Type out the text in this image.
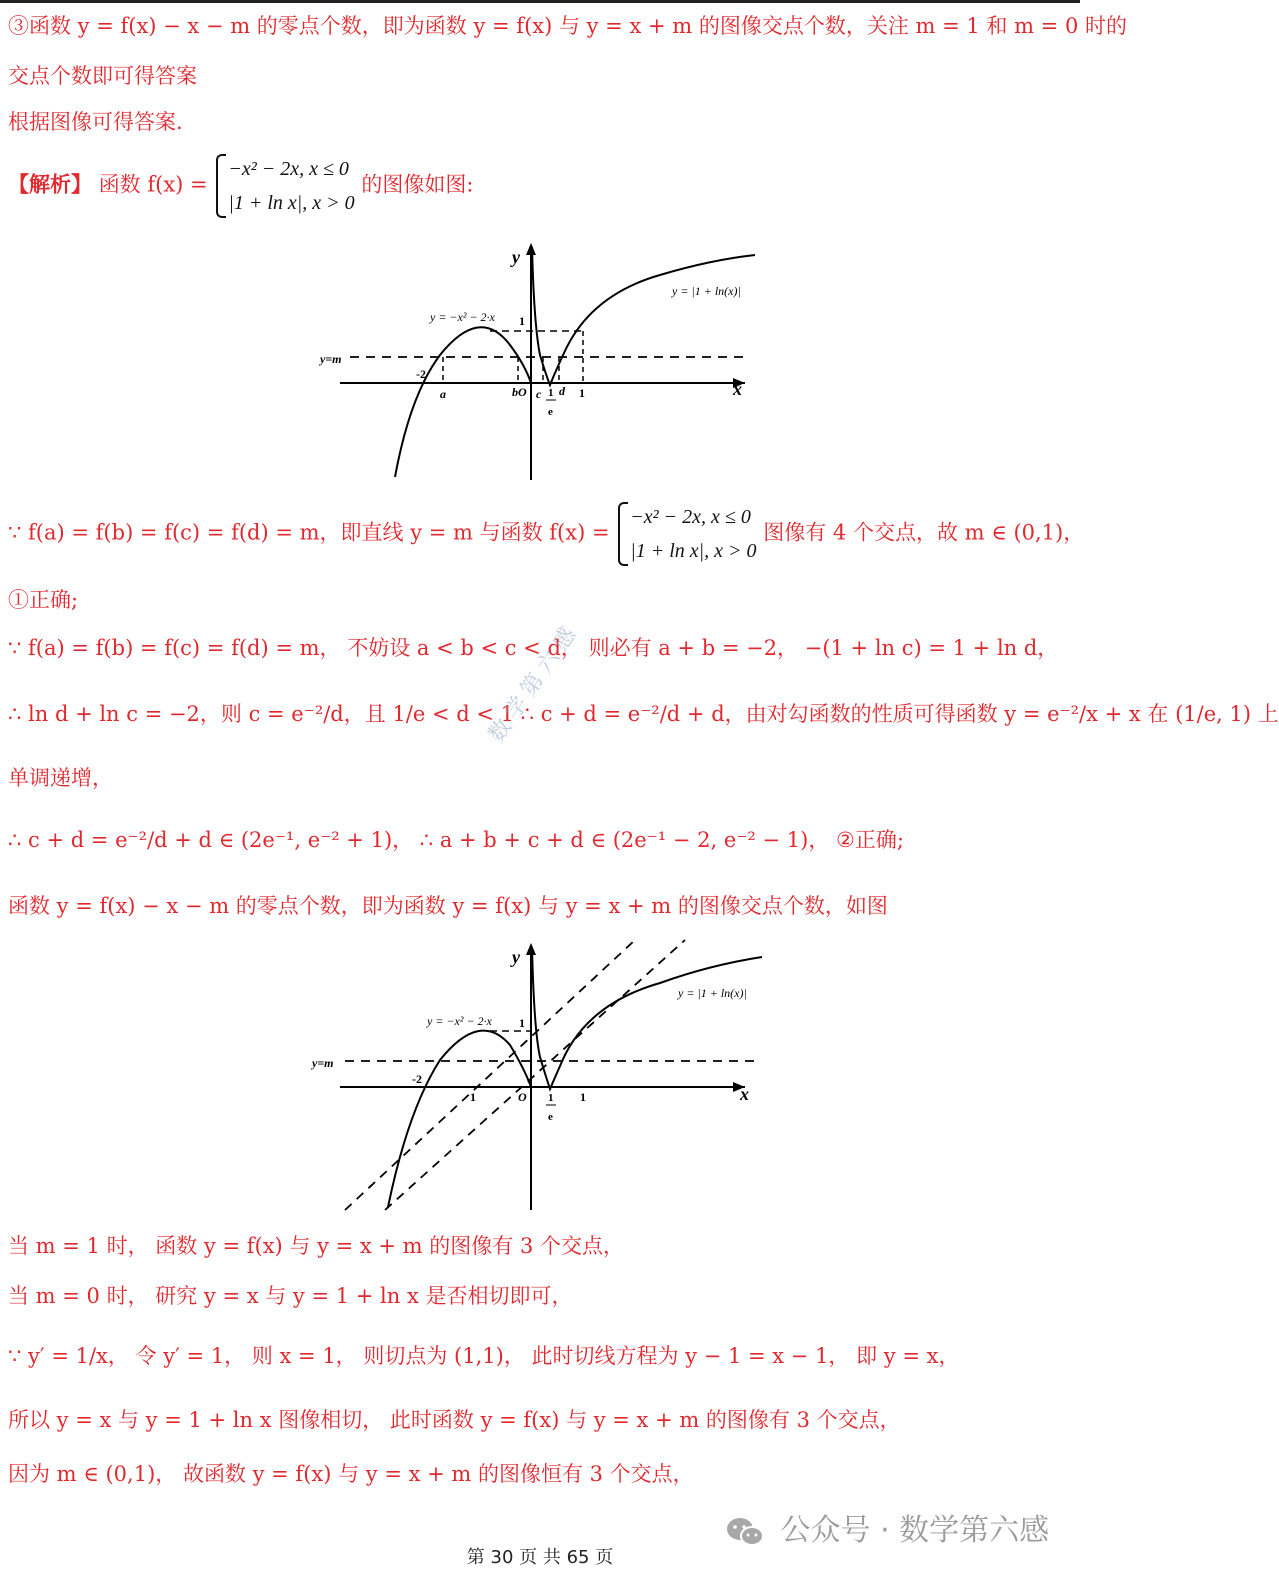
③函数 y = f(x) − x − m 的零点个数，即为函数 y = f(x) 与 y = x + m 的图像交点个数，关注 m = 1 和 m = 0 时的
交点个数即可得答案
根据图像可得答案.
【解析】 函数 f(x) =
−x² − 2x, x ≤ 0
|1 + ln x|, x > 0
的图像如图:
y
x
y = −x² − 2·x
y = |1 + ln(x)|
y=m
1
-2
a	bO c 1
e
d 1
∵ f(a) = f(b) = f(c) = f(d) = m，即直线 y = m 与函数 f(x) =
−x² − 2x, x ≤ 0
|1 + ln x|, x > 0
图像有 4 个交点，故 m ∈ (0,1)，
①正确;
∵ f(a) = f(b) = f(c) = f(d) = m， 不妨设 a < b < c < d， 则必有 a + b = −2， −(1 + ln c) = 1 + ln d，
∴ ln d + ln c = −2，则 c = e⁻²/d，且 1/e < d < 1 ∴ c + d = e⁻²/d + d，由对勾函数的性质可得函数 y = e⁻²/x + x 在 (1/e, 1) 上
单调递增，
∴ c + d = e⁻²/d + d ∈ (2e⁻¹, e⁻² + 1)， ∴ a + b + c + d ∈ (2e⁻¹ − 2, e⁻² − 1)， ②正确;
数学第六感
函数 y = f(x) − x − m 的零点个数，即为函数 y = f(x) 与 y = x + m 的图像交点个数，如图
y
x
y = −x² − 2·x
y = |1 + ln(x)|
y=m
1
-2
1	O 1
e
1
当 m = 1 时， 函数 y = f(x) 与 y = x + m 的图像有 3 个交点，
当 m = 0 时， 研究 y = x 与 y = 1 + ln x 是否相切即可，
∵ y′ = 1/x， 令 y′ = 1， 则 x = 1， 则切点为 (1,1)， 此时切线方程为 y − 1 = x − 1， 即 y = x，
所以 y = x 与 y = 1 + ln x 图像相切， 此时函数 y = f(x) 与 y = x + m 的图像有 3 个交点，
因为 m ∈ (0,1)， 故函数 y = f(x) 与 y = x + m 的图像恒有 3 个交点，
公众号 · 数学第六感
第 30 页 共 65 页
